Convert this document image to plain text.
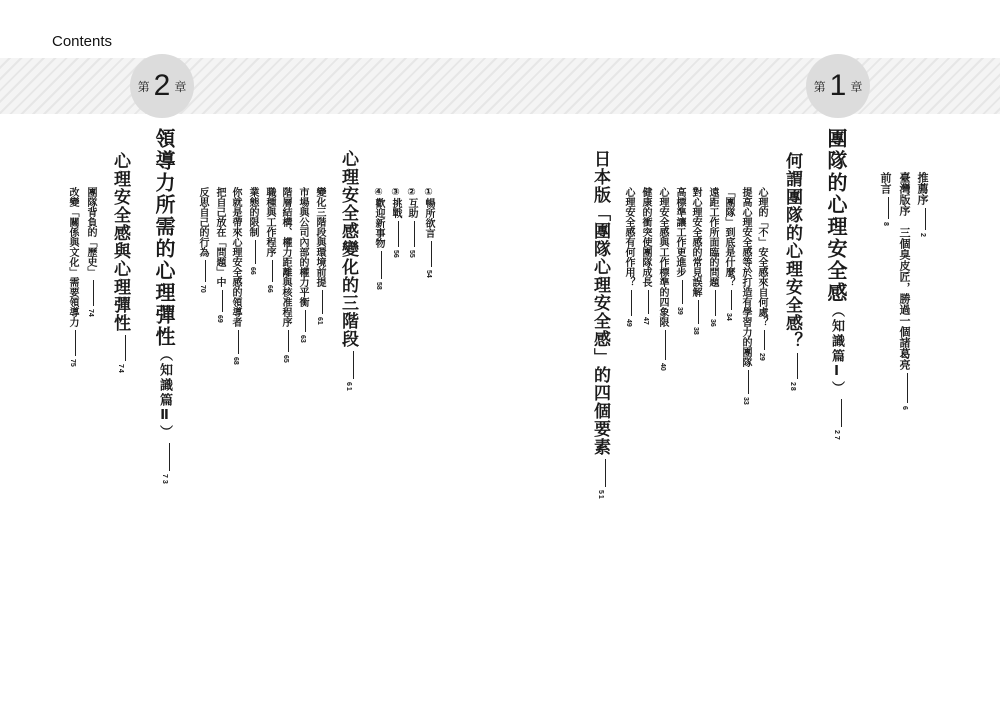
Contents
第 1 章
第 2 章
推薦序2
臺灣版序　三個臭皮匠，勝過一個諸葛亮6
前言8
團隊的心理安全感（知識篇Ⅰ）27
何謂團隊的心理安全感？28
心理的「不」安全感來自何處？29
提高心理安全感等於打造有學習力的團隊33
「團隊」到底是什麼？34
遠距工作所面臨的問題36
對心理安全感的常見誤解38
高標準讓工作更進步39
心理安全感與工作標準的四象限40
健康的衝突使團隊成長47
心理安全感有何作用？49
日本版「團隊心理安全感」的四個要素51
①暢所欲言54
②互助55
③挑戰56
④歡迎新事物58
心理安全感變化的三階段61
變化三階段與環境前提61
市場與公司內部的權力平衡63
階層結構、權力距離與核准程序65
職種與工作程序66
業態的限制66
你就是帶來心理安全感的領導者68
把自己放在「問題」中69
反思自己的行為70
領導力所需的心理彈性（知識篇Ⅱ）73
心理安全感與心理彈性74
團隊背負的「歷史」74
改變「關係與文化」需要領導力75
